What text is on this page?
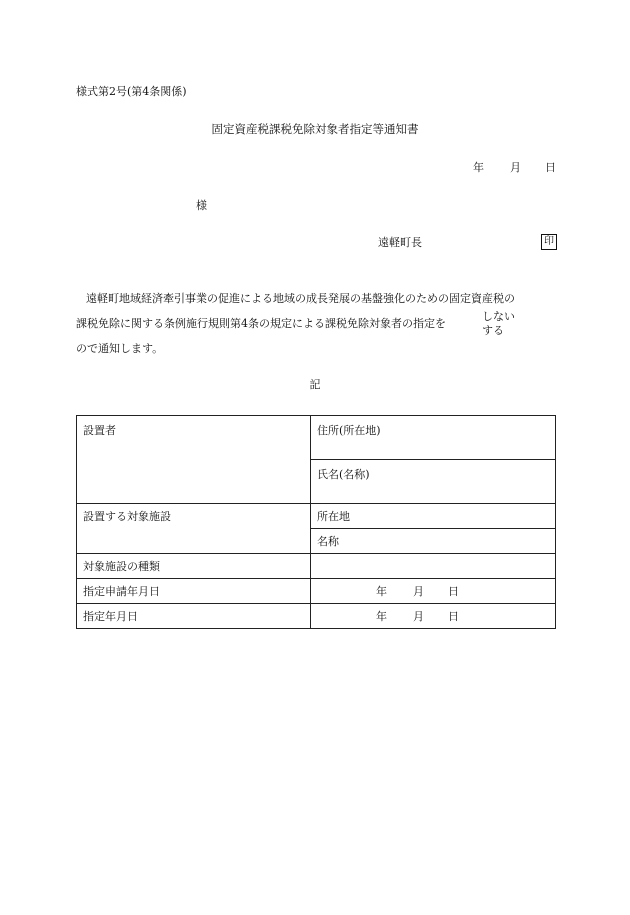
様式第2号(第4条関係)
固定資産税課税免除対象者指定等通知書
年 月 日
様
遠軽町長	印
遠軽町地域経済牽引事業の促進による地域の成長発展の基盤強化のための固定資産税の
課税免除に関する条例施行規則第4条の規定による課税免除対象者の指定を
しない
する
ので通知します。
記
設置者	住所(所在地)
	氏名(名称)
設置する対象施設	所在地
	名称
対象施設の種類	
指定申請年月日	年 月 日

指定年月日	年 月 日
